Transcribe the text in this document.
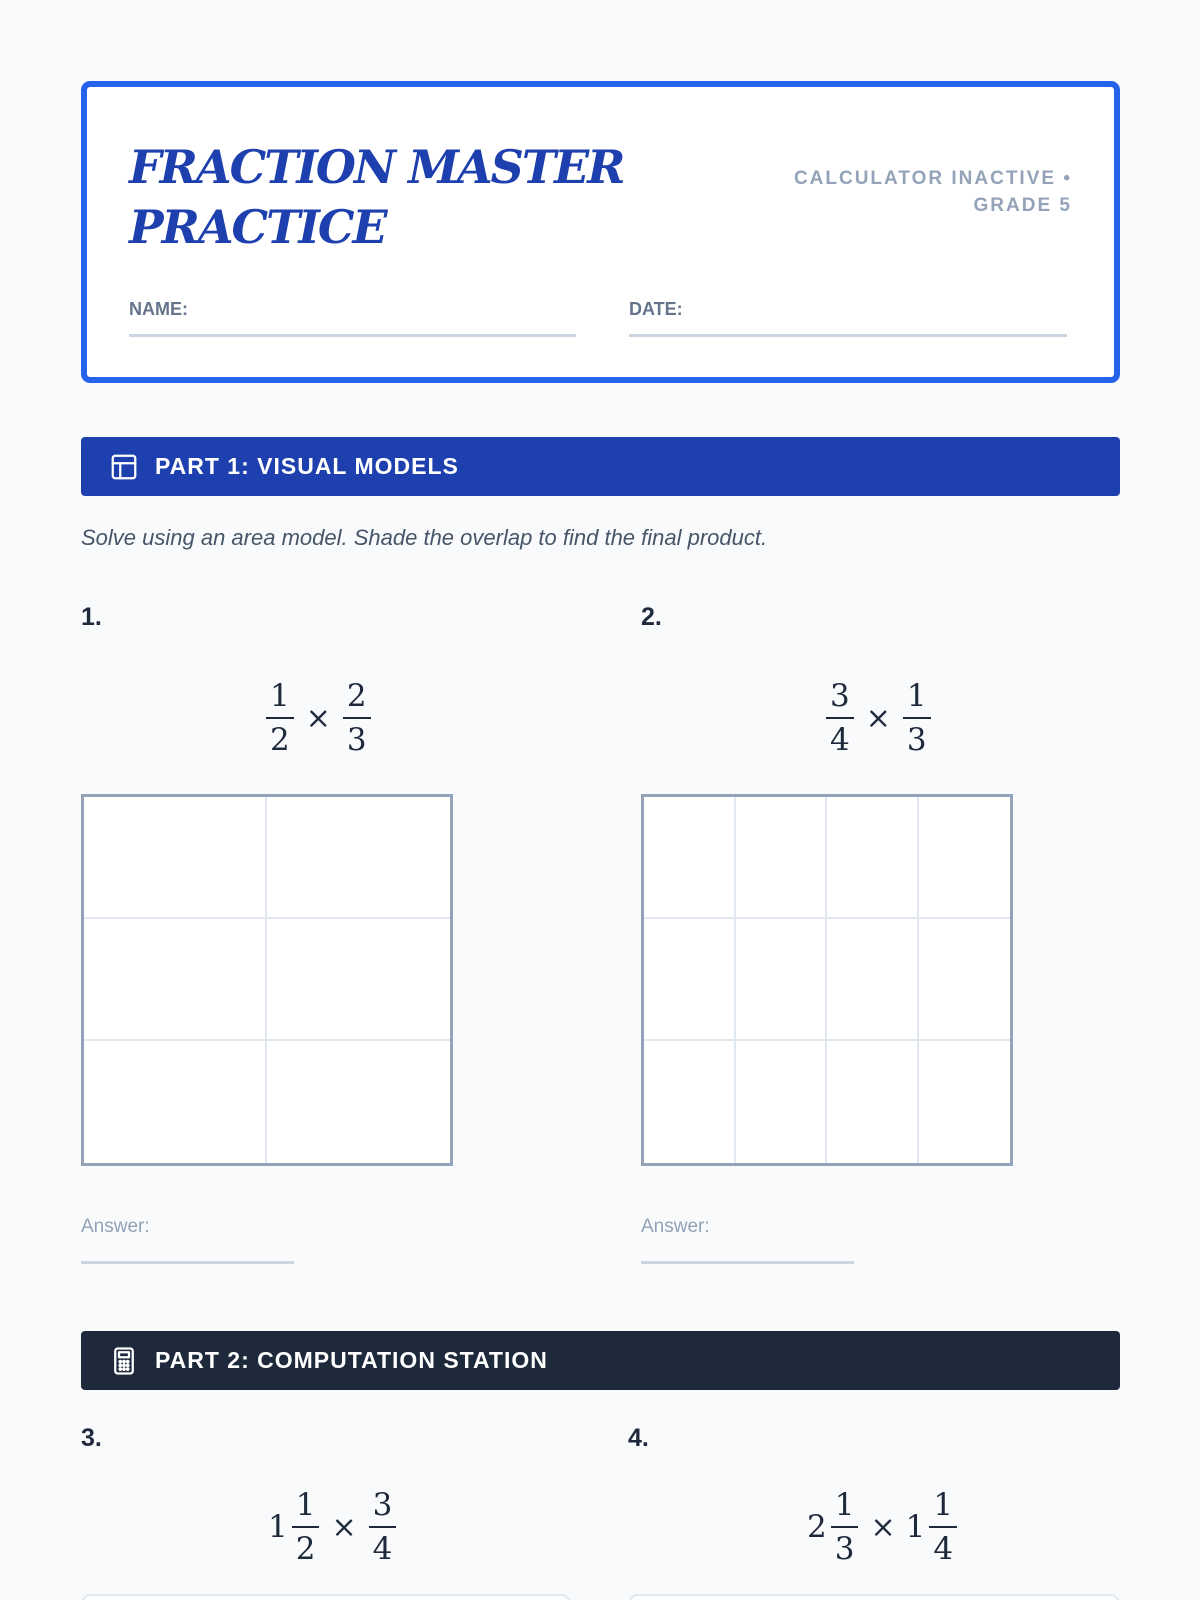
FRACTION MASTER
PRACTICE
CALCULATOR INACTIVE •
GRADE 5
NAME:	DATE:
PART 1: VISUAL MODELS
Solve using an area model. Shade the overlap to find the final product.
1.
$\frac{1}{2} \times \frac{2}{3}$
Answer:
2.
$\frac{3}{4} \times \frac{1}{3}$
Answer:
PART 2: COMPUTATION STATION
3.
$1 \frac{1}{2} \times \frac{3}{4}$
4.
$2 \frac{1}{3} \times 1 \frac{1}{4}$
